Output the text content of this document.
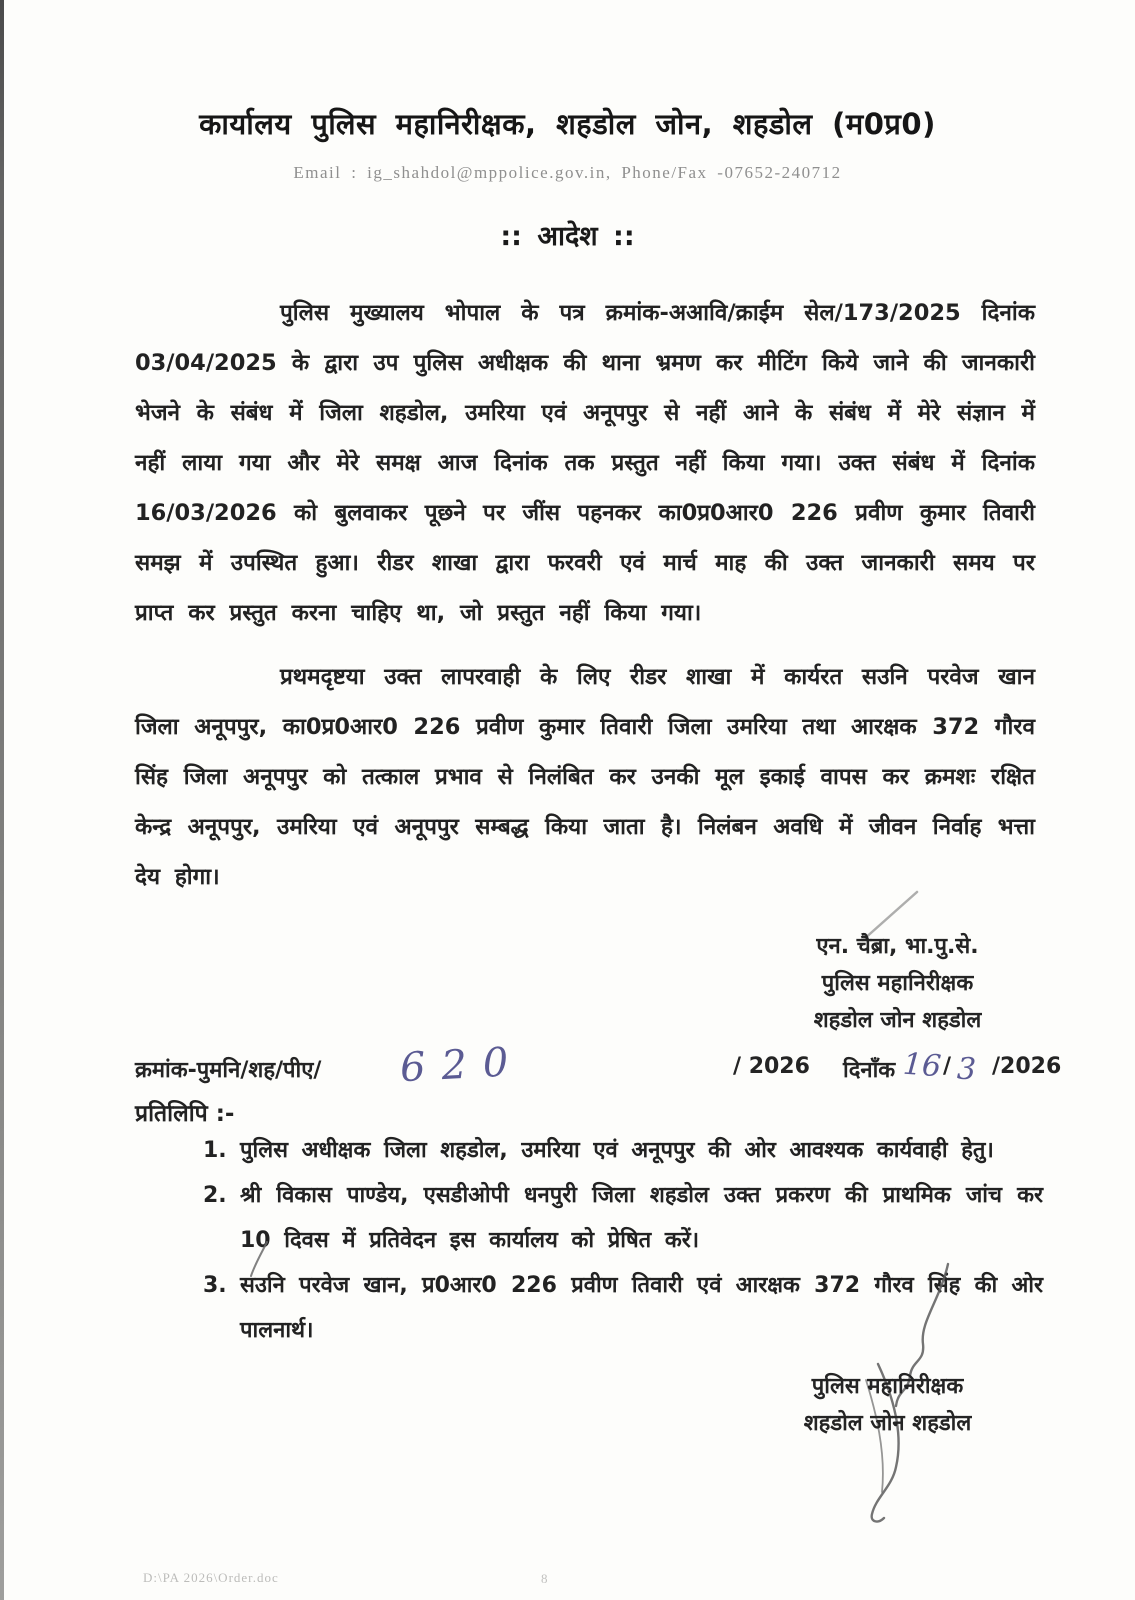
कार्यालय पुलिस महानिरीक्षक, शहडोल जोन, शहडोल (म0प्र0)
Email : ig_shahdol@mppolice.gov.in, Phone/Fax -07652-240712
:: आदेश ::
पुलिस मुख्यालय भोपाल के पत्र क्रमांक-अआवि/क्राईम सेल/173/2025 दिनांक 03/04/2025 के द्वारा उप पुलिस अधीक्षक की थाना भ्रमण कर मीटिंग किये जाने की जानकारी भेजने के संबंध में जिला शहडोल, उमरिया एवं अनूपपुर से नहीं आने के संबंध में मेरे संज्ञान में नहीं लाया गया और मेरे समक्ष आज दिनांक तक प्रस्तुत नहीं किया गया। उक्त संबंध में दिनांक 16/03/2026 को बुलवाकर पूछने पर जींस पहनकर का0प्र0आर0 226 प्रवीण कुमार तिवारी समझ में उपस्थित हुआ। रीडर शाखा द्वारा फरवरी एवं मार्च माह की उक्त जानकारी समय पर प्राप्त कर प्रस्तुत करना चाहिए था, जो प्रस्तुत नहीं किया गया।
प्रथमदृष्टया उक्त लापरवाही के लिए रीडर शाखा में कार्यरत सउनि परवेज खान जिला अनूपपुर, का0प्र0आर0 226 प्रवीण कुमार तिवारी जिला उमरिया तथा आरक्षक 372 गौरव सिंह जिला अनूपपुर को तत्काल प्रभाव से निलंबित कर उनकी मूल इकाई वापस कर क्रमशः रक्षित केन्द्र अनूपपुर, उमरिया एवं अनूपपुर सम्बद्ध किया जाता है। निलंबन अवधि में जीवन निर्वाह भत्ता देय होगा।
एन. चैब्रा, भा.पु.से.
पुलिस महानिरीक्षक
शहडोल जोन शहडोल
क्रमांक-पुमनि/शह/पीए/ 620	/ 2026 दिनाँक 16 / 3 /2026
प्रतिलिपि :-
1. पुलिस अधीक्षक जिला शहडोल, उमरिया एवं अनूपपुर की ओर आवश्यक कार्यवाही हेतु।
2. श्री विकास पाण्डेय, एसडीओपी धनपुरी जिला शहडोल उक्त प्रकरण की प्राथमिक जांच कर 10 दिवस में प्रतिवेदन इस कार्यालय को प्रेषित करें।
3. सउनि परवेज खान, प्र0आर0 226 प्रवीण तिवारी एवं आरक्षक 372 गौरव सिंह की ओर पालनार्थ।
पुलिस महानिरीक्षक
शहडोल जोन शहडोल
D:\PA 2026\Order.doc	8
